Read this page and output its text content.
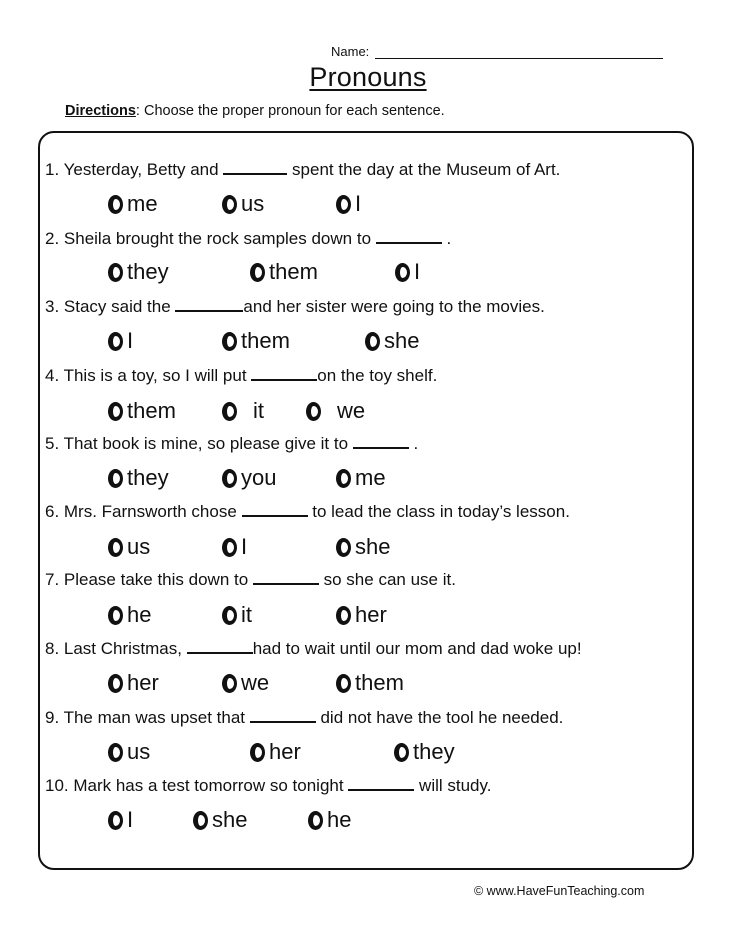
Name:
Pronouns
Directions: Choose the proper pronoun for each sentence.
1. Yesterday, Betty and	spent the day at the Museum of Art.
me	us	I
2. Sheila brought the rock samples down to	.
they	them	I
3. Stacy said the	and her sister were going to the movies.
I	them	she
4. This is a toy, so I will put	on the toy shelf.
them	it	we
5. That book is mine, so please give it to	.
they	you	me
6. Mrs. Farnsworth chose	to lead the class in today’s lesson.
us	I	she
7. Please take this down to	so she can use it.
he	it	her
8. Last Christmas,	had to wait until our mom and dad woke up!
her	we	them
9. The man was upset that	did not have the tool he needed.
us	her	they
10. Mark has a test tomorrow so tonight	will study.
I	she	he
© www.HaveFunTeaching.com
